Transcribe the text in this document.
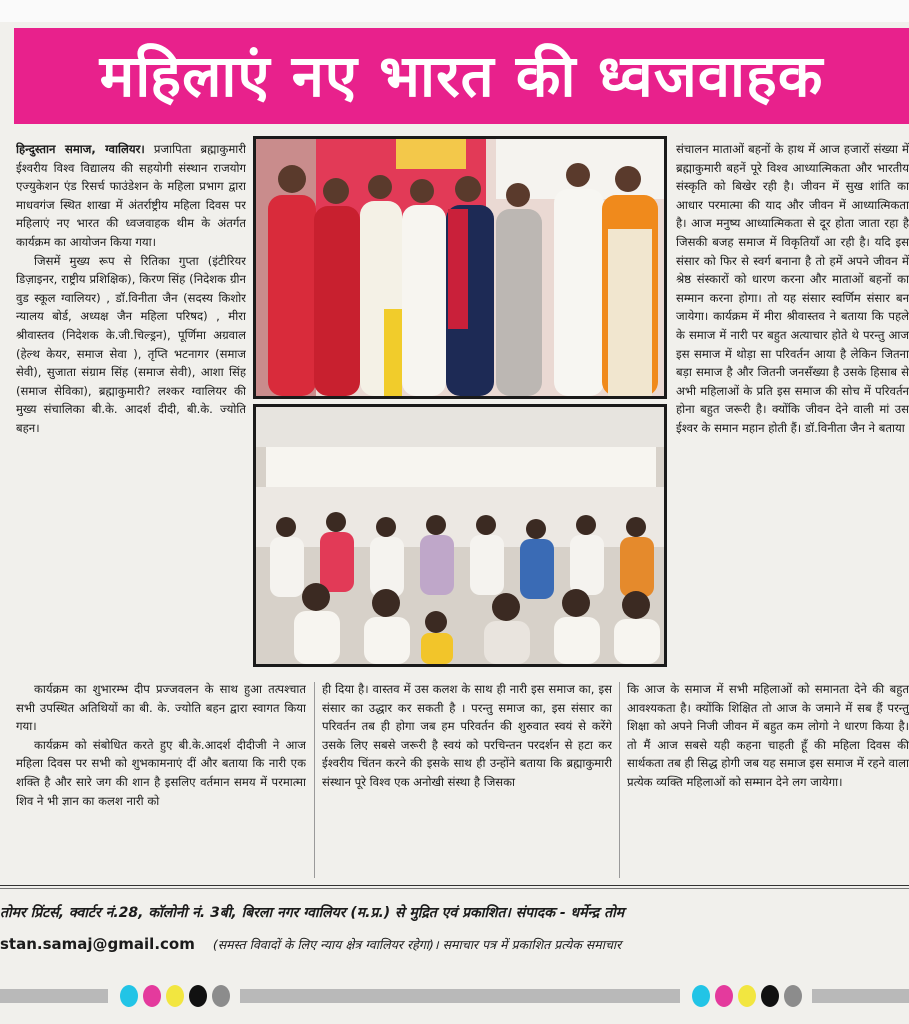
महिलाएं नए भारत की ध्वजवाहक

हिन्दुस्तान समाज, ग्वालियर। प्रजापिता ब्रह्माकुमारी ईश्वरीय विश्व विद्यालय की सहयोगी संस्थान राजयोग एज्युकेशन एंड रिसर्च फाउंडेशन के महिला प्रभाग द्वारा माधवगंज स्थित शाखा में अंतर्राष्ट्रीय महिला दिवस पर महिलाएं नए भारत की ध्वजवाहक थीम के अंतर्गत कार्यक्रम का आयोजन किया गया।

जिसमें मुख्य रूप से रितिका गुप्ता (इंटीरियर डिज़ाइनर, राष्ट्रीय प्रशिक्षिक), किरण सिंह (निदेशक ग्रीन वुड स्कूल ग्वालियर) , डॉ.विनीता जैन (सदस्य किशोर न्यालय बोर्ड, अध्यक्ष जैन महिला परिषद) , मीरा श्रीवास्तव (निदेशक के.जी.चिल्ड्रन), पूर्णिमा अग्रवाल (हेल्थ केयर, समाज सेवा ), तृप्ति भटनागर (समाज सेवी), सुजाता संग्राम सिंह (समाज सेवी), आशा सिंह (समाज सेविका), ब्रह्माकुमारी? लश्कर ग्वालियर की मुख्य संचालिका बी.के. आदर्श दीदी, बी.के. ज्योति बहन।

संचालन माताओं बहनों के हाथ में आज हजारों संख्या में ब्रह्माकुमारी बहनें पूरे विश्व आध्यात्मिकता और भारतीय संस्कृति को बिखेर रही है। जीवन में सुख शांति का आधार परमात्मा की याद और जीवन में आध्यात्मिकता है। आज मनुष्य आध्यात्मिकता से दूर होता जाता रहा है जिसकी बजह समाज में विकृतियाँ आ रही है। यदि इस संसार को फिर से स्वर्ग बनाना है तो हमें अपने जीवन में श्रेष्ठ संस्कारों को धारण करना और माताओं बहनों का सम्मान करना होगा। तो यह संसार स्वर्णिम संसार बन जायेगा। कार्यक्रम में मीरा श्रीवास्तव ने बताया कि पहले के समाज में नारी पर बहुत अत्याचार होते थे परन्तु आज इस समाज में थोड़ा सा परिवर्तन आया है लेकिन जितना बड़ा समाज है और जितनी जनसँख्या है उसके हिसाब से अभी महिलाओं के प्रति इस समाज की सोच में परिवर्तन होना बहुत जरूरी है। क्योंकि जीवन देने वाली मां उस ईश्वर के समान महान होती हैं। डॉ.विनीता जैन ने बताया

कार्यक्रम का शुभारम्भ दीप प्रज्जवलन के साथ हुआ तत्पश्चात सभी उपस्थित अतिथियों का बी. के. ज्योति बहन द्वारा स्वागत किया गया।

कार्यक्रम को संबोधित करते हुए बी.के.आदर्श दीदीजी ने आज महिला दिवस पर सभी को शुभकामनाएं दीं और बताया कि नारी एक शक्ति है और सारे जग की शान है इसलिए वर्तमान समय में परमात्मा शिव ने भी ज्ञान का कलश नारी को

ही दिया है। वास्तव में उस कलश के साथ ही नारी इस समाज का, इस संसार का उद्धार कर सकती है । परन्तु समाज का, इस संसार का परिवर्तन तब ही होगा जब हम परिवर्तन की शुरुवात स्वयं से करेंगे उसके लिए सबसे जरूरी है स्वयं को परचिन्तन परदर्शन से हटा कर ईश्वरीय चिंतन करने की इसके साथ ही उन्होंने बताया कि ब्रह्माकुमारी संस्थान पूरे विश्व एक अनोखी संस्था है जिसका

कि आज के समाज में सभी महिलाओं को समानता देने की बहुत आवश्यकता है। क्योंकि शिक्षित तो आज के जमाने में सब हैं परन्तु शिक्षा को अपने निजी जीवन में बहुत कम लोगो ने धारण किया है। तो मैं आज सबसे यही कहना चाहती हूँ की महिला दिवस की सार्थकता तब ही सिद्ध होगी जब यह समाज इस समाज में रहने वाला प्रत्येक व्यक्ति महिलाओं को सम्मान देने लग जायेगा।

तोमर प्रिंटर्स, क्वार्टर नं.28, कॉलोनी नं. 3बी, बिरला नगर ग्वालियर (म.प्र.) से मुद्रित एवं प्रकाशित। संपादक - धर्मेन्द्र तोम
stan.samaj@gmail.com (समस्त विवादों के लिए न्याय क्षेत्र ग्वालियर रहेगा)। समाचार पत्र में प्रकाशित प्रत्येक समाचार
